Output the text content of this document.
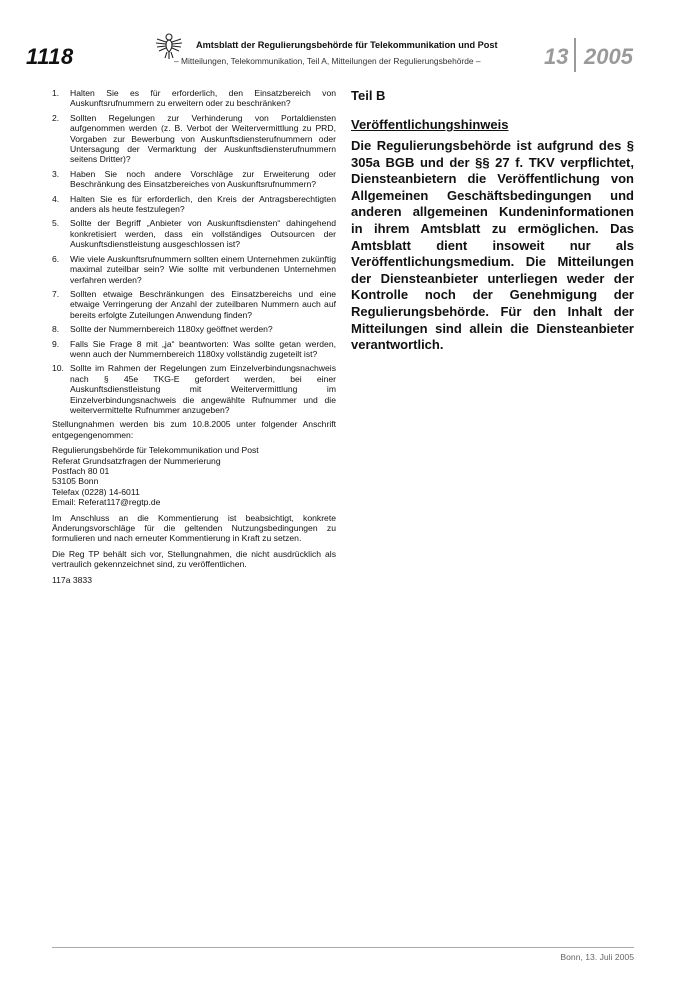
1118	Amtsblatt der Regulierungsbehörde für Telekommunikation und Post
– Mitteilungen, Telekommunikation, Teil A, Mitteilungen der Regulierungsbehörde –	13 2005
1.	Halten Sie es für erforderlich, den Einsatzbereich von Auskunftsrufnummern zu erweitern oder zu beschränken?
2.	Sollten Regelungen zur Verhinderung von Portaldiensten aufgenommen werden (z. B. Verbot der Weitervermittlung zu PRD, Vorgaben zur Bewerbung von Auskunftsdiensterufnummern oder Untersagung der Vermarktung der Auskunftsdiensterufnummern seitens Dritter)?
3.	Haben Sie noch andere Vorschläge zur Erweiterung oder Beschränkung des Einsatzbereiches von Auskunftsrufnummern?
4.	Halten Sie es für erforderlich, den Kreis der Antragsberechtigten anders als heute festzulegen?
5.	Sollte der Begriff „Anbieter von Auskunftsdiensten“ dahingehend konkretisiert werden, dass ein vollständiges Outsourcen der Auskunftsdienstleistung ausgeschlossen ist?
6.	Wie viele Auskunftsrufnummern sollten einem Unternehmen zukünftig maximal zuteilbar sein? Wie sollte mit verbundenen Unternehmen verfahren werden?
7.	Sollten etwaige Beschränkungen des Einsatzbereichs und eine etwaige Verringerung der Anzahl der zuteilbaren Nummern auch auf bereits erfolgte Zuteilungen Anwendung finden?
8.	Sollte der Nummernbereich 1180xy geöffnet werden?
9.	Falls Sie Frage 8 mit „ja“ beantworten: Was sollte getan werden, wenn auch der Nummernbereich 1180xy vollständig zugeteilt ist?
10. Sollte im Rahmen der Regelungen zum Einzelverbindungsnachweis nach § 45e TKG-E gefordert werden, bei einer Auskunftsdienstleistung mit Weitervermittlung im Einzelverbindungsnachweis die angewählte Rufnummer und die weitervermittelte Rufnummer anzugeben?

Stellungnahmen werden bis zum 10.8.2005 unter folgender Anschrift entgegengenommen:

Regulierungsbehörde für Telekommunikation und Post
Referat Grundsatzfragen der Nummerierung
Postfach 80 01
53105 Bonn
Telefax (0228) 14-6011
Email: Referat117@regtp.de

Im Anschluss an die Kommentierung ist beabsichtigt, konkrete Änderungsvorschläge für die geltenden Nutzungsbedingungen zu formulieren und nach erneuter Kommentierung in Kraft zu setzen.

Die Reg TP behält sich vor, Stellungnahmen, die nicht ausdrücklich als vertraulich gekennzeichnet sind, zu veröffentlichen.

117a 3833

Teil B
Veröffentlichungshinweis

Die Regulierungsbehörde ist aufgrund des § 305a BGB und der §§ 27 f. TKV verpflichtet, Diensteanbietern die Veröffentlichung von Allgemeinen Geschäftsbedingungen und anderen allgemeinen Kundeninformationen in ihrem Amtsblatt zu ermöglichen. Das Amtsblatt dient insoweit nur als Veröffentlichungsmedium. Die Mitteilungen der Diensteanbieter unterliegen weder der Kontrolle noch der Genehmigung der Regulierungsbehörde. Für den Inhalt der Mitteilungen sind allein die Diensteanbieter verantwortlich.

Bonn, 13. Juli 2005
